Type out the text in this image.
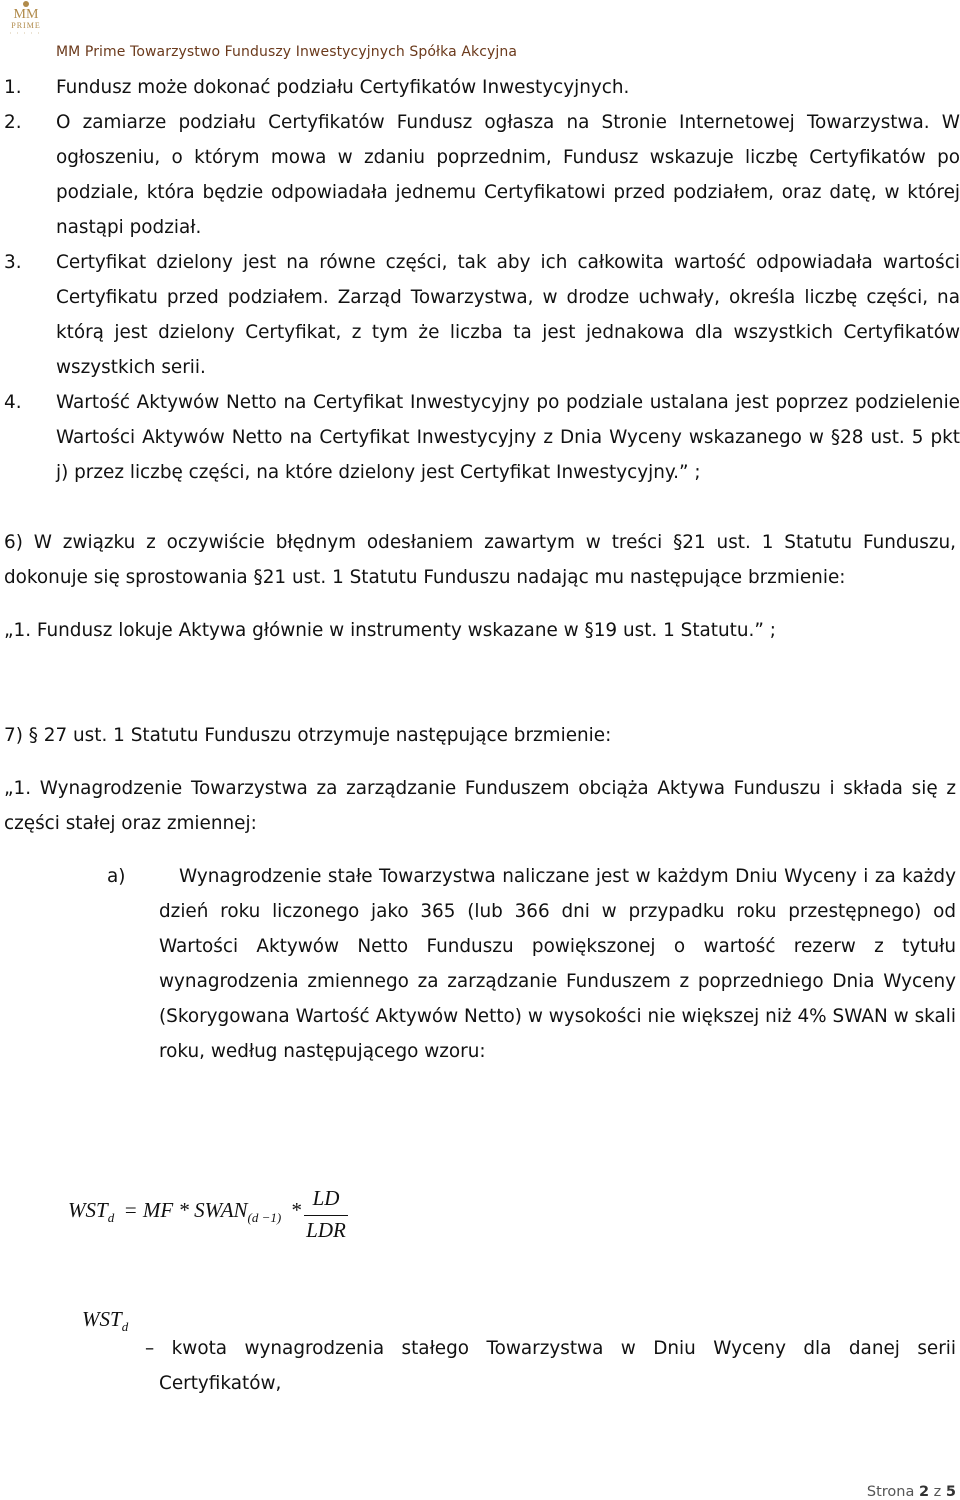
MM
PRIME
MM Prime Towarzystwo Funduszy Inwestycyjnych Spółka Akcyjna
1. Fundusz może dokonać podziału Certyfikatów Inwestycyjnych.
2. O zamiarze podziału Certyfikatów Fundusz ogłasza na Stronie Internetowej Towarzystwa. W ogłoszeniu, o którym mowa w zdaniu poprzednim, Fundusz wskazuje liczbę Certyfikatów po podziale, która będzie odpowiadała jednemu Certyfikatowi przed podziałem, oraz datę, w której nastąpi podział.
3. Certyfikat dzielony jest na równe części, tak aby ich całkowita wartość odpowiadała wartości Certyfikatu przed podziałem. Zarząd Towarzystwa, w drodze uchwały, określa liczbę części, na którą jest dzielony Certyfikat, z tym że liczba ta jest jednakowa dla wszystkich Certyfikatów wszystkich serii.
4. Wartość Aktywów Netto na Certyfikat Inwestycyjny po podziale ustalana jest poprzez podzielenie Wartości Aktywów Netto na Certyfikat Inwestycyjny z Dnia Wyceny wskazanego w §28 ust. 5 pkt j) przez liczbę części, na które dzielony jest Certyfikat Inwestycyjny.” ;
6) W związku z oczywiście błędnym odesłaniem zawartym w treści §21 ust. 1 Statutu Funduszu, dokonuje się sprostowania §21 ust. 1 Statutu Funduszu nadając mu następujące brzmienie:
„1. Fundusz lokuje Aktywa głównie w instrumenty wskazane w §19 ust. 1 Statutu.” ;
7) § 27 ust. 1 Statutu Funduszu otrzymuje następujące brzmienie:
„1. Wynagrodzenie Towarzystwa za zarządzanie Funduszem obciąża Aktywa Funduszu i składa się z części stałej oraz zmiennej:
a)	Wynagrodzenie stałe Towarzystwa naliczane jest w każdym Dniu Wyceny i za każdy dzień roku liczonego jako 365 (lub 366 dni w przypadku roku przestępnego) od Wartości Aktywów Netto Funduszu powiększonej o wartość rezerw z tytułu wynagrodzenia zmiennego za zarządzanie Funduszem z poprzedniego Dnia Wyceny (Skorygowana Wartość Aktywów Netto) w wysokości nie większej niż 4% SWAN w skali roku, według następującego wzoru:
$WST_d$ = MF * $SWAN_{(d -1)}$ * LD
LDR
$WST_d$
– kwota wynagrodzenia stałego Towarzystwa w Dniu Wyceny dla danej serii Certyfikatów,
Strona 2 z 5
